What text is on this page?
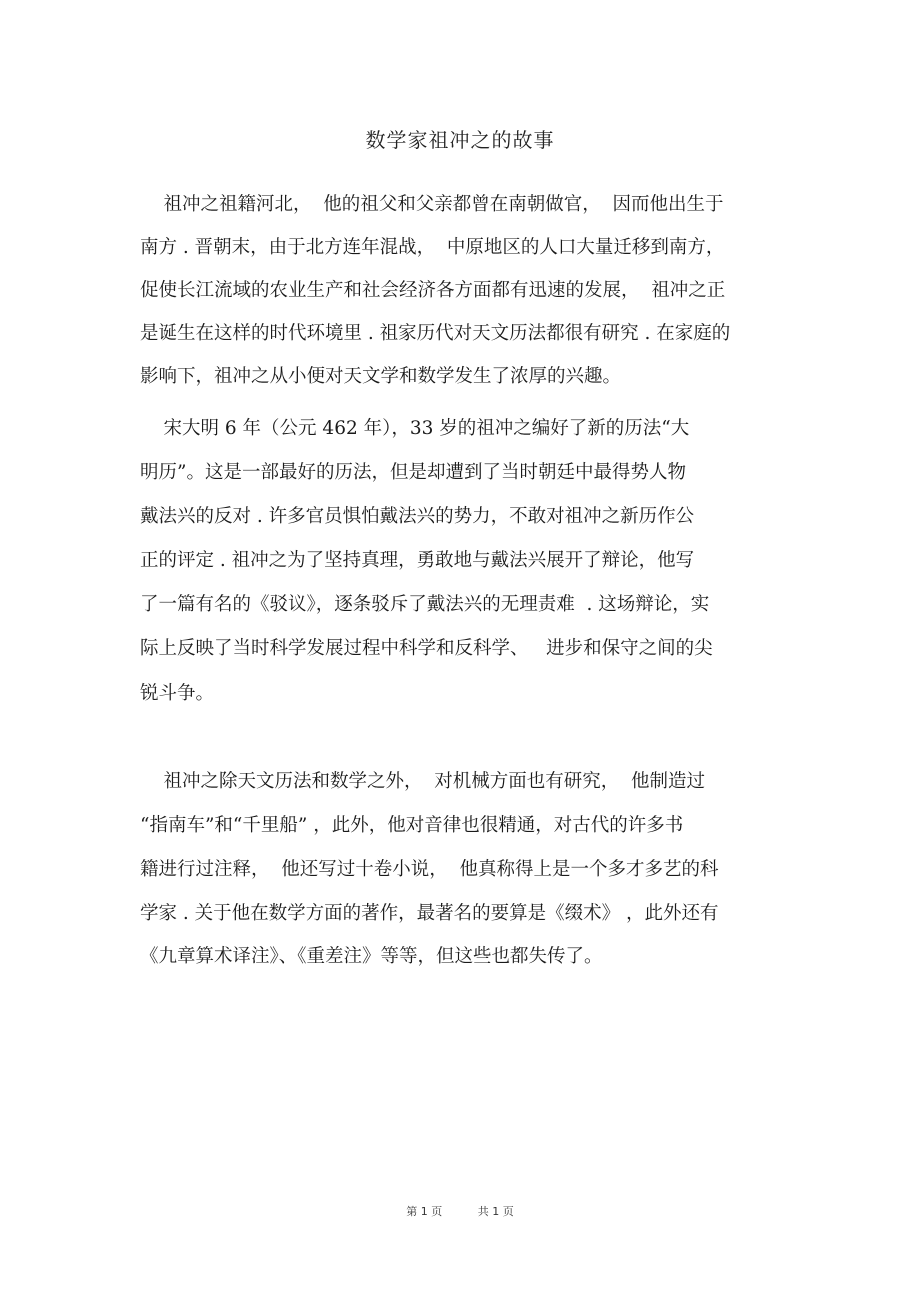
数学家祖冲之的故事
祖冲之祖籍河北，  他的祖父和父亲都曾在南朝做官，  因而他出生于
南方 . 晋朝末，由于北方连年混战，  中原地区的人口大量迁移到南方，
促使长江流域的农业生产和社会经济各方面都有迅速的发展，  祖冲之正
是诞生在这样的时代环境里 . 祖家历代对天文历法都很有研究 . 在家庭的
影响下，祖冲之从小便对天文学和数学发生了浓厚的兴趣。
宋大明 6 年（公元 462 年），33 岁的祖冲之编好了新的历法“大
明历”。这是一部最好的历法，但是却遭到了当时朝廷中最得势人物
戴法兴的反对 . 许多官员惧怕戴法兴的势力，不敢对祖冲之新历作公
正的评定 . 祖冲之为了坚持真理，勇敢地与戴法兴展开了辩论，他写
了一篇有名的《驳议》，逐条驳斥了戴法兴的无理责难  . 这场辩论，实
际上反映了当时科学发展过程中科学和反科学、   进步和保守之间的尖
锐斗争。
祖冲之除天文历法和数学之外，  对机械方面也有研究，  他制造过
“指南车”和“千里船” ，此外，他对音律也很精通，对古代的许多书
籍进行过注释，  他还写过十卷小说，  他真称得上是一个多才多艺的科
学家 . 关于他在数学方面的著作，最著名的要算是《缀术》 ，此外还有
《九章算术译注》、《重差注》等等，但这些也都失传了。
第 1 页	共 1 页
